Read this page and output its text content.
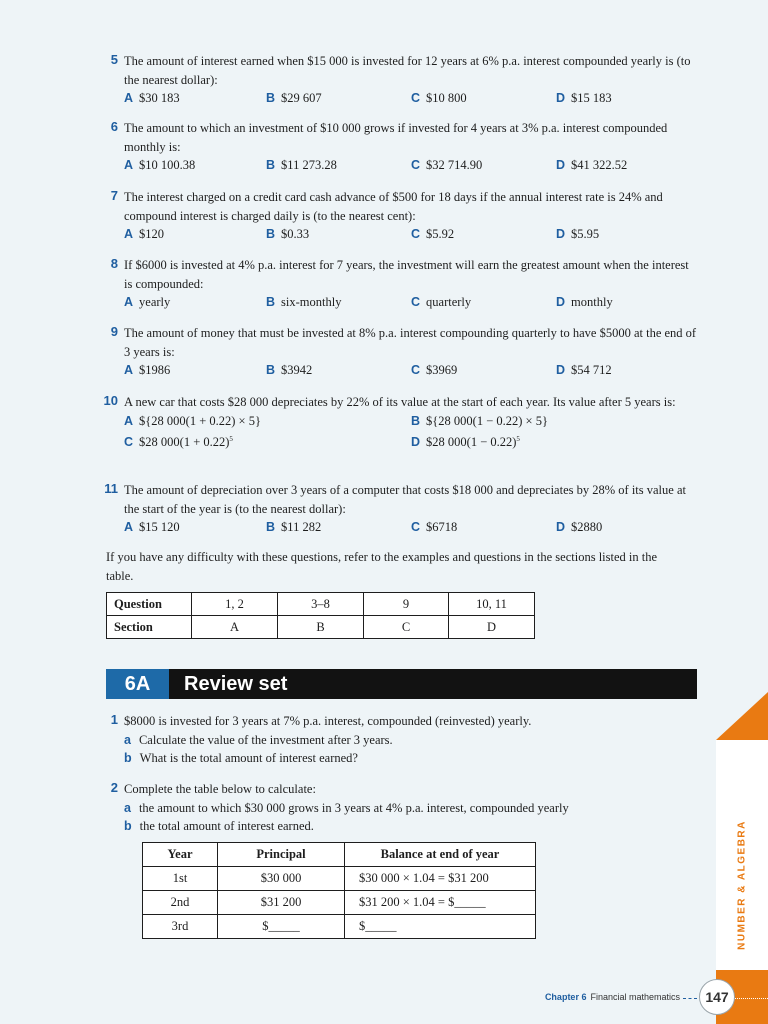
5 The amount of interest earned when $15 000 is invested for 12 years at 6% p.a. interest compounded yearly is (to the nearest dollar):
A $30 183	B $29 607	C $10 800	D $15 183
6 The amount to which an investment of $10 000 grows if invested for 4 years at 3% p.a. interest compounded monthly is:
A $10 100.38	B $11 273.28	C $32 714.90	D $41 322.52
7 The interest charged on a credit card cash advance of $500 for 18 days if the annual interest rate is 24% and compound interest is charged daily is (to the nearest cent):
A $120	B $0.33	C $5.92	D $5.95
8 If $6000 is invested at 4% p.a. interest for 7 years, the investment will earn the greatest amount when the interest is compounded:
A yearly	B six-monthly	C quarterly	D monthly
9 The amount of money that must be invested at 8% p.a. interest compounding quarterly to have $5000 at the end of 3 years is:
A $1986	B $3942	C $3969	D $54 712
10 A new car that costs $28 000 depreciates by 22% of its value at the start of each year. Its value after 5 years is:
A ${28 000(1 + 0.22) × 5}	B ${28 000(1 − 0.22) × 5}
C $28 $000(1 + 0.22)^5$	D $28 $000(1 - 0.22)^5$
11 The amount of depreciation over 3 years of a computer that costs $18 000 and depreciates by 28% of its value at the start of the year is (to the nearest dollar):
A $15 120	B $11 282	C $6718	D $2880
If you have any difficulty with these questions, refer to the examples and questions in the sections listed in the table.
Question	1, 2	3–8	9	10, 11
Section	A	B	C	D
6A	Review set
1 $8000 is invested for 3 years at 7% p.a. interest, compounded (reinvested) yearly.
a Calculate the value of the investment after 3 years.
b What is the total amount of interest earned?
2 Complete the table below to calculate:
a the amount to which $30 000 grows in 3 years at 4% p.a. interest, compounded yearly
b the total amount of interest earned.
Year	Principal	Balance at end of year
1st	$30 000	$30 000 × 1.04 = $31 200
2nd	$31 200	$31 200 × 1.04 = $_____
3rd	$_____	$_____	NUMBER & ALGEBRA
Chapter 6 Financial mathematics	147
